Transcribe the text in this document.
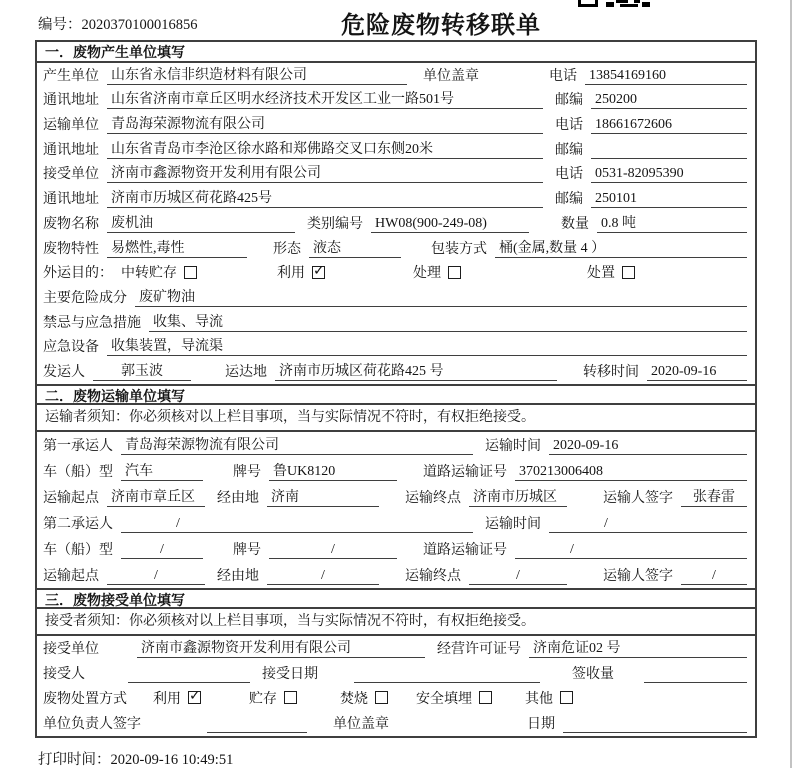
编号：2020370100016856	危险废物转移联单
一．废物产生单位填写
产生单位 山东省永信非织造材料有限公司	单位盖章	电话 13854169160
通讯地址 山东省济南市章丘区明水经济技术开发区工业一路501号	邮编 250200
运输单位 青岛海荣源物流有限公司	电话 18661672606
通讯地址 山东省青岛市李沧区徐水路和郑佛路交叉口东侧20米	邮编
接受单位 济南市鑫源物资开发利用有限公司	电话 0531-82095390
通讯地址 济南市历城区荷花路425号	邮编 250101
废物名称 废机油	类别编号 HW08(900-249-08)	数量 0.8 吨
废物特性 易燃性,毒性	形态 液态	包装方式 桶(金属,数量 4 ）
外运目的： 中转贮存	利用 ✓	处理	处置
主要危险成分 废矿物油
禁忌与应急措施 收集、导流
应急设备 收集装置，导流渠
发运人	郭玉波	运达地 济南市历城区荷花路425 号	转移时间 2020-09-16
二．废物运输单位填写
运输者须知：你必须核对以上栏目事项，当与实际情况不符时，有权拒绝接受。
第一承运人 青岛海荣源物流有限公司	运输时间 2020-09-16
车（船）型 汽车	牌号 鲁UK8120	道路运输证号 370213006408
运输起点 济南市章丘区	经由地 济南	运输终点 济南市历城区	运输人签字	张春雷
第二承运人	/	运输时间	/
车（船）型	/	牌号	/	道路运输证号	/
运输起点	/	经由地	/	运输终点	/	运输人签字	/
三．废物接受单位填写
接受者须知：你必须核对以上栏目事项，当与实际情况不符时，有权拒绝接受。
接受单位	济南市鑫源物资开发利用有限公司	经营许可证号 济南危证02 号
接受人	接受日期	签收量
废物处置方式	利用 ✓	贮存	焚烧	安全填埋	其他
单位负责人签字	单位盖章	日期
打印时间：2020-09-16 10:49:51
